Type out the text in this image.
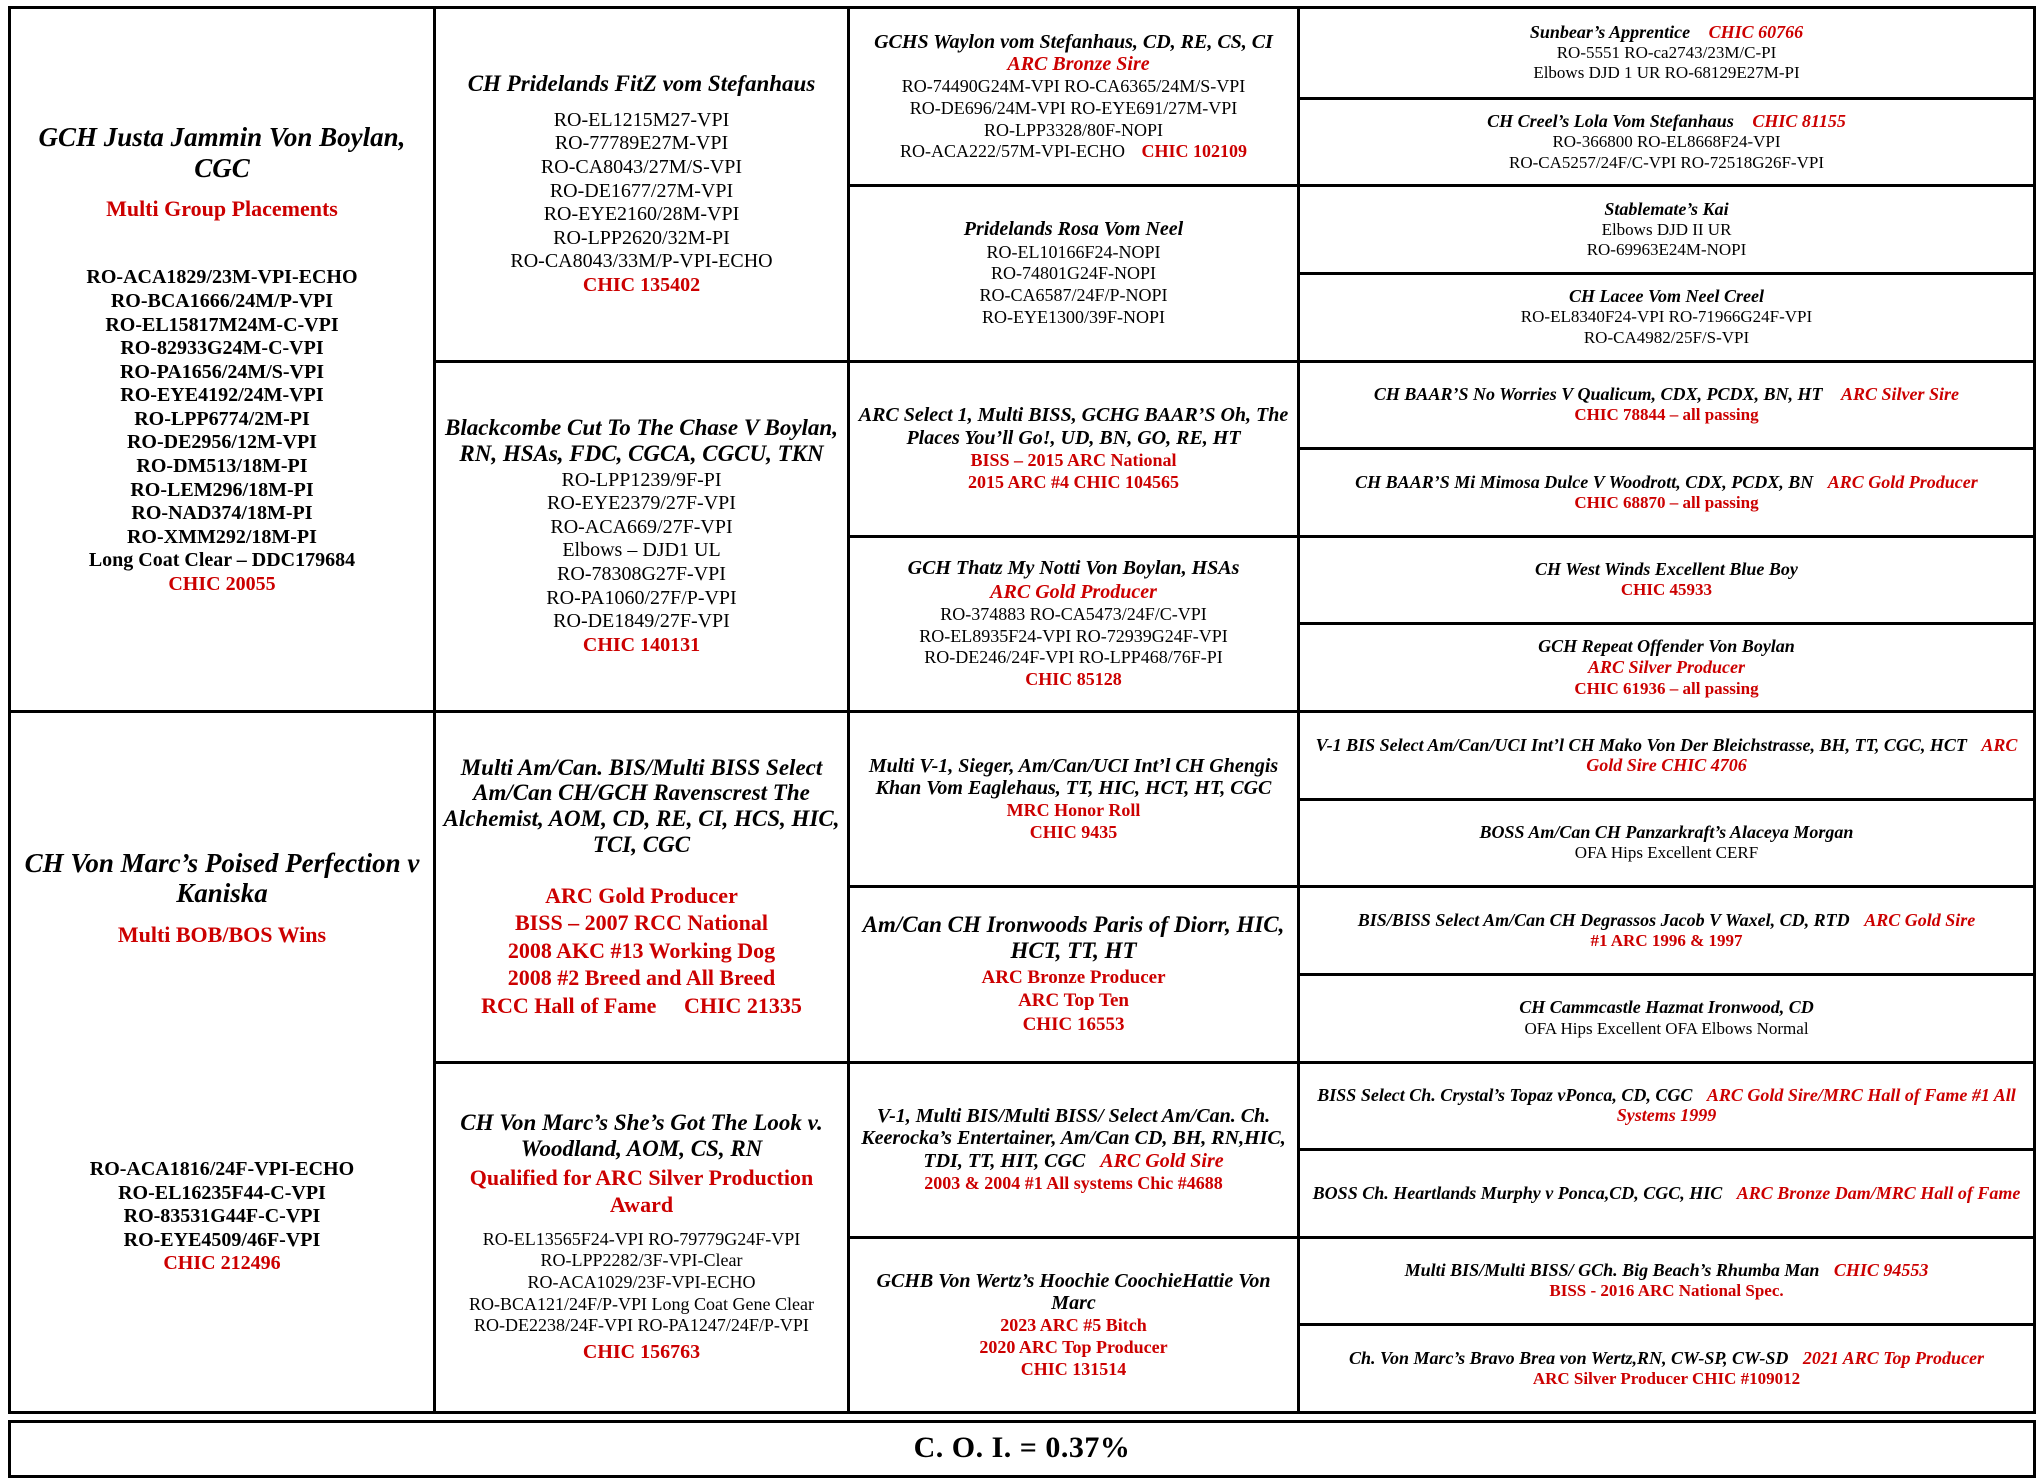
GCH Justa Jammin Von Boylan, CGC
Multi Group Placements
RO-ACA1829/23M-VPI-ECHO
RO-BCA1666/24M/P-VPI
RO-EL15817M24M-C-VPI
RO-82933G24M-C-VPI
RO-PA1656/24M/S-VPI
RO-EYE4192/24M-VPI
RO-LPP6774/2M-PI
RO-DE2956/12M-VPI
RO-DM513/18M-PI
RO-LEM296/18M-PI
RO-NAD374/18M-PI
RO-XMM292/18M-PI
Long Coat Clear – DDC179684
CHIC 20055
CH Von Marc’s Poised Perfection v Kaniska
Multi BOB/BOS Wins
RO-ACA1816/24F-VPI-ECHO
RO-EL16235F44-C-VPI
RO-83531G44F-C-VPI
RO-EYE4509/46F-VPI
CHIC 212496
CH Pridelands FitZ vom Stefanhaus
RO-EL1215M27-VPI
RO-77789E27M-VPI
RO-CA8043/27M/S-VPI
RO-DE1677/27M-VPI
RO-EYE2160/28M-VPI
RO-LPP2620/32M-PI
RO-CA8043/33M/P-VPI-ECHO
CHIC 135402
Blackcombe Cut To The Chase V Boylan, RN, HSAs, FDC, CGCA, CGCU, TKN
RO-LPP1239/9F-PI
RO-EYE2379/27F-VPI
RO-ACA669/27F-VPI
Elbows – DJD1 UL
RO-78308G27F-VPI
RO-PA1060/27F/P-VPI
RO-DE1849/27F-VPI
CHIC 140131
Multi Am/Can. BIS/Multi BISS Select Am/Can CH/GCH Ravenscrest The Alchemist, AOM, CD, RE, CI, HCS, HIC, TCI, CGC
ARC Gold Producer
BISS – 2007 RCC National
2008 AKC #13 Working Dog
2008 #2 Breed and All Breed
RCC Hall of Fame CHIC 21335
CH Von Marc’s She’s Got The Look v. Woodland, AOM, CS, RN
Qualified for ARC Silver Production Award
RO-EL13565F24-VPI RO-79779G24F-VPI
RO-LPP2282/3F-VPI-Clear
RO-ACA1029/23F-VPI-ECHO
RO-BCA121/24F/P-VPI Long Coat Gene Clear
RO-DE2238/24F-VPI RO-PA1247/24F/P-VPI
CHIC 156763
GCHS Waylon vom Stefanhaus, CD, RE, CS, CI ARC Bronze Sire
RO-74490G24M-VPI RO-CA6365/24M/S-VPI
RO-DE696/24M-VPI RO-EYE691/27M-VPI
RO-LPP3328/80F-NOPI
RO-ACA222/57M-VPI-ECHO CHIC 102109
Pridelands Rosa Vom Neel
RO-EL10166F24-NOPI
RO-74801G24F-NOPI
RO-CA6587/24F/P-NOPI
RO-EYE1300/39F-NOPI
ARC Select 1, Multi BISS, GCHG BAAR’S Oh, The Places You’ll Go!, UD, BN, GO, RE, HT
BISS – 2015 ARC National
2015 ARC #4 CHIC 104565
GCH Thatz My Notti Von Boylan, HSAs
ARC Gold Producer
RO-374883 RO-CA5473/24F/C-VPI
RO-EL8935F24-VPI RO-72939G24F-VPI
RO-DE246/24F-VPI RO-LPP468/76F-PI
CHIC 85128
Multi V-1, Sieger, Am/Can/UCI Int’l CH Ghengis Khan Vom Eaglehaus, TT, HIC, HCT, HT, CGC
MRC Honor Roll
CHIC 9435
Am/Can CH Ironwoods Paris of Diorr, HIC, HCT, TT, HT
ARC Bronze Producer
ARC Top Ten
CHIC 16553
V-1, Multi BIS/Multi BISS/ Select Am/Can. Ch. Keerocka’s Entertainer, Am/Can CD, BH, RN,HIC, TDI, TT, HIT, CGC ARC Gold Sire
2003 & 2004 #1 All systems Chic #4688
GCHB Von Wertz’s Hoochie CoochieHattie Von Marc
2023 ARC #5 Bitch
2020 ARC Top Producer
CHIC 131514
Sunbear’s Apprentice CHIC 60766
RO-5551 RO-ca2743/23M/C-PI
Elbows DJD 1 UR RO-68129E27M-PI
CH Creel’s Lola Vom Stefanhaus CHIC 81155
RO-366800 RO-EL8668F24-VPI
RO-CA5257/24F/C-VPI RO-72518G26F-VPI
Stablemate’s Kai
Elbows DJD II UR
RO-69963E24M-NOPI
CH Lacee Vom Neel Creel
RO-EL8340F24-VPI RO-71966G24F-VPI
RO-CA4982/25F/S-VPI
CH BAAR’S No Worries V Qualicum, CDX, PCDX, BN, HT ARC Silver Sire
CHIC 78844 – all passing
CH BAAR’S Mi Mimosa Dulce V Woodrott, CDX, PCDX, BN ARC Gold Producer
CHIC 68870 – all passing
CH West Winds Excellent Blue Boy
CHIC 45933
GCH Repeat Offender Von Boylan
ARC Silver Producer
CHIC 61936 – all passing
V-1 BIS Select Am/Can/UCI Int’l CH Mako Von Der Bleichstrasse, BH, TT, CGC, HCT ARC Gold Sire CHIC 4706
BOSS Am/Can CH Panzarkraft’s Alaceya Morgan
OFA Hips Excellent CERF
BIS/BISS Select Am/Can CH Degrassos Jacob V Waxel, CD, RTD ARC Gold Sire
#1 ARC 1996 & 1997
CH Cammcastle Hazmat Ironwood, CD
OFA Hips Excellent OFA Elbows Normal
BISS Select Ch. Crystal’s Topaz vPonca, CD, CGC ARC Gold Sire/MRC Hall of Fame #1 All Systems 1999
BOSS Ch. Heartlands Murphy v Ponca,CD, CGC, HIC ARC Bronze Dam/MRC Hall of Fame
Multi BIS/Multi BISS/ GCh. Big Beach’s Rhumba Man CHIC 94553
BISS - 2016 ARC National Spec.
Ch. Von Marc’s Bravo Brea von Wertz,RN, CW-SP, CW-SD 2021 ARC Top Producer
ARC Silver Producer CHIC #109012
C. O. I. = 0.37%
